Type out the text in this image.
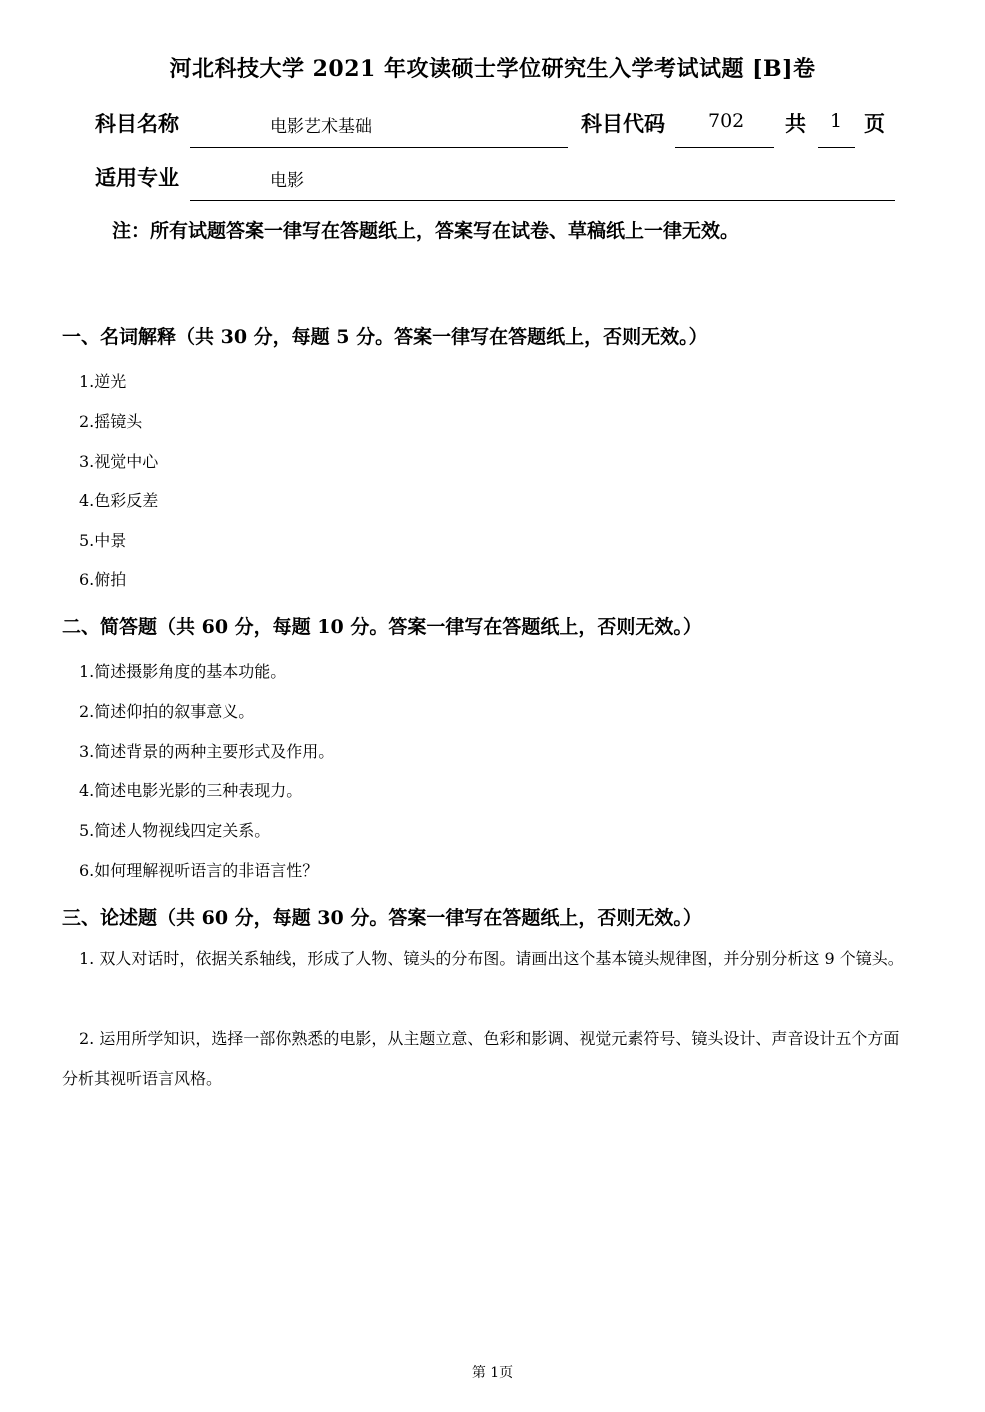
河北科技大学 2021 年攻读硕士学位研究生入学考试试题 [B]卷
科目名称	电影艺术基础	科目代码 702 共 1 页
适用专业	电影
注：所有试题答案一律写在答题纸上，答案写在试卷、草稿纸上一律无效。
一、名词解释（共 30 分，每题 5 分。答案一律写在答题纸上，否则无效。）
1.逆光
2.摇镜头
3.视觉中心
4.色彩反差
5.中景
6.俯拍
二、简答题（共 60 分，每题 10 分。答案一律写在答题纸上，否则无效。）
1.简述摄影角度的基本功能。
2.简述仰拍的叙事意义。
3.简述背景的两种主要形式及作用。
4.简述电影光影的三种表现力。
5.简述人物视线四定关系。
6.如何理解视听语言的非语言性？
三、论述题（共 60 分，每题 30 分。答案一律写在答题纸上，否则无效。）
1. 双人对话时，依据关系轴线，形成了人物、镜头的分布图。请画出这个基本镜头规律图，并分别分析这 9 个镜头。
2. 运用所学知识，选择一部你熟悉的电影，从主题立意、色彩和影调、视觉元素符号、镜头设计、声音设计五个方面分析其视听语言风格。
第 1页
